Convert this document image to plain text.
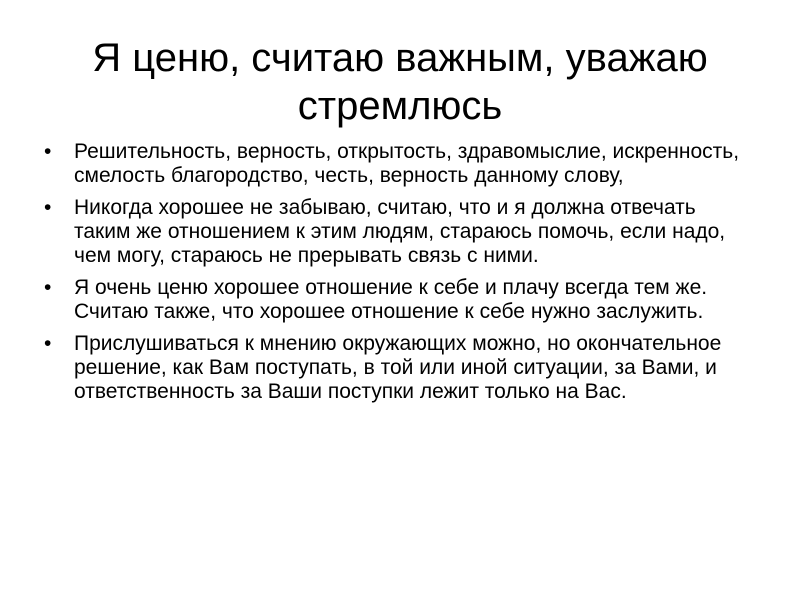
Я ценю, считаю важным, уважаю стремлюсь
• Решительность, верность, открытость, здравомыслие, искренность, смелость благородство, честь, верность данному слову,
• Никогда хорошее не забываю, считаю, что и я должна отвечать таким же отношением к этим людям, стараюсь помочь, если надо, чем могу, стараюсь не прерывать связь с ними.
• Я очень ценю хорошее отношение к себе и плачу всегда тем же. Считаю также, что хорошее отношение к себе нужно заслужить.
• Прислушиваться к мнению окружающих можно, но окончательное решение, как Вам поступать, в той или иной ситуации, за Вами, и ответственность за Ваши поступки лежит только на Вас.
